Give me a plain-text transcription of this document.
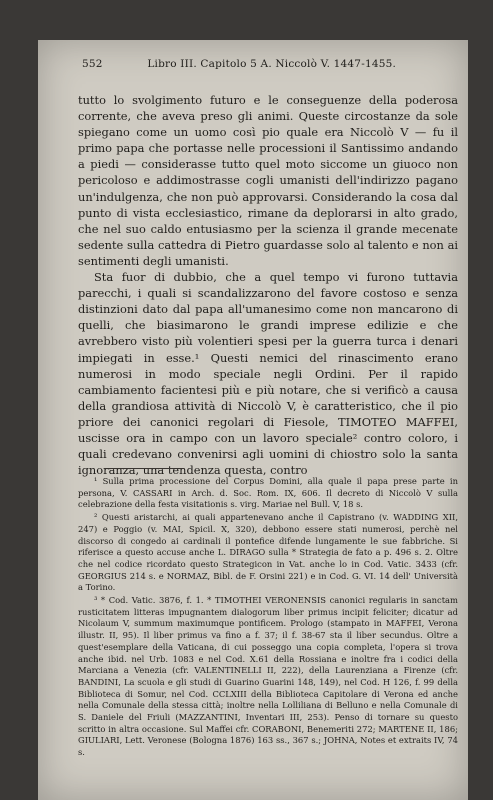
552	Libro III. Capitolo 5 A. Niccolò V. 1447-1455.

tutto lo svolgimento futuro e le conseguenze della poderosa corrente, che aveva preso gli animi. Queste circostanze da sole spiegano come un uomo così pio quale era Niccolò V — fu il primo papa che portasse nelle processioni il Santissimo andando a piedi — considerasse tutto quel moto siccome un giuoco non pericoloso e addimostrasse cogli umanisti dell'indirizzo pagano un'indulgenza, che non può approvarsi. Considerando la cosa dal punto di vista ecclesiastico, rimane da deplorarsi in alto grado, che nel suo caldo entusiasmo per la scienza il grande mecenate sedente sulla cattedra di Pietro guardasse solo al talento e non ai sentimenti degli umanisti.

Sta fuor di dubbio, che a quel tempo vi furono tuttavia parecchi, i quali si scandalizzarono del favore costoso e senza distinzioni dato dal papa all'umanesimo come non mancarono di quelli, che biasimarono le grandi imprese edilizie e che avrebbero visto più volentieri spesi per la guerra turca i denari impiegati in esse.¹ Questi nemici del rinascimento erano numerosi in modo speciale negli Ordini. Per il rapido cambiamento facientesi più e più notare, che si verificò a causa della grandiosa attività di Niccolò V, è caratteristico, che il pio priore dei canonici regolari di Fiesole, TIMOTEO MAFFEI, uscisse ora in campo con un lavoro speciale² contro coloro, i quali credevano convenirsi agli uomini di chiostro solo la santa ignoranza, una tendenza questa, contro

¹ Sulla prima processione del Corpus Domini, alla quale il papa prese parte in persona, V. CASSARI in Arch. d. Soc. Rom. IX, 606. Il decreto di Niccolò V sulla celebrazione della festa visitationis s. virg. Mariae nel Bull. V, 18 s.

² Questi aristarchi, ai quali appartenevano anche il Capistrano (v. WADDING XII, 247) e Poggio (v. MAI, Spicil. X, 320), debbono essere stati numerosi, perchè nel discorso di congedo ai cardinali il pontefice difende lungamente le sue fabbriche. Si riferisce a questo accuse anche L. DIRAGO sulla * Strategia de fato a p. 496 s. 2. Oltre che nel codice ricordato questo Strategicon in Vat. anche lo in Cod. Vatic. 3433 (cfr. GEORGIUS 214 s. e NORMAZ, Bibl. de F. Orsini 221) e in Cod. G. VI. 14 dell' Università a Torino.

³ * Cod. Vatic. 3876, f. 1. * TIMOTHEI VERONENSIS canonici regularis in sanctam rusticitatem litteras impugnantem dialogorum liber primus incipit feliciter; dicatur ad Nicolaum V, summum maximumque pontificem. Prologo (stampato in MAFFEI, Verona illustr. II, 95). Il liber primus va fino a f. 37; il f. 38-67 sta il liber secundus. Oltre a quest'esemplare della Vaticana, di cui posseggo una copia completa, l'opera si trova anche ibid. nel Urb. 1083 e nel Cod. X.61 della Rossiana e inoltre fra i codici della Marciana a Venezia (cfr. VALENTINELLI II, 222), della Laurenziana a Firenze (cfr. BANDINI, La scuola e gli studi di Guarino Guarini 148, 149), nel Cod. H 126, f. 99 della Biblioteca di Somur, nel Cod. CCLXIII della Biblioteca Capitolare di Verona ed anche nella Comunale della stessa città; inoltre nella Lolliliana di Belluno e nella Comunale di S. Daniele del Friuli (MAZZANTINI, Inventari III, 253). Penso di tornare su questo scritto in altra occasione. Sul Maffei cfr. CORABONI, Benemeriti 272; MARTENE II, 186; GIULIARI, Lett. Veronese (Bologna 1876) 163 ss., 367 s.; JOHNA, Notes et extraits IV, 74 s.
